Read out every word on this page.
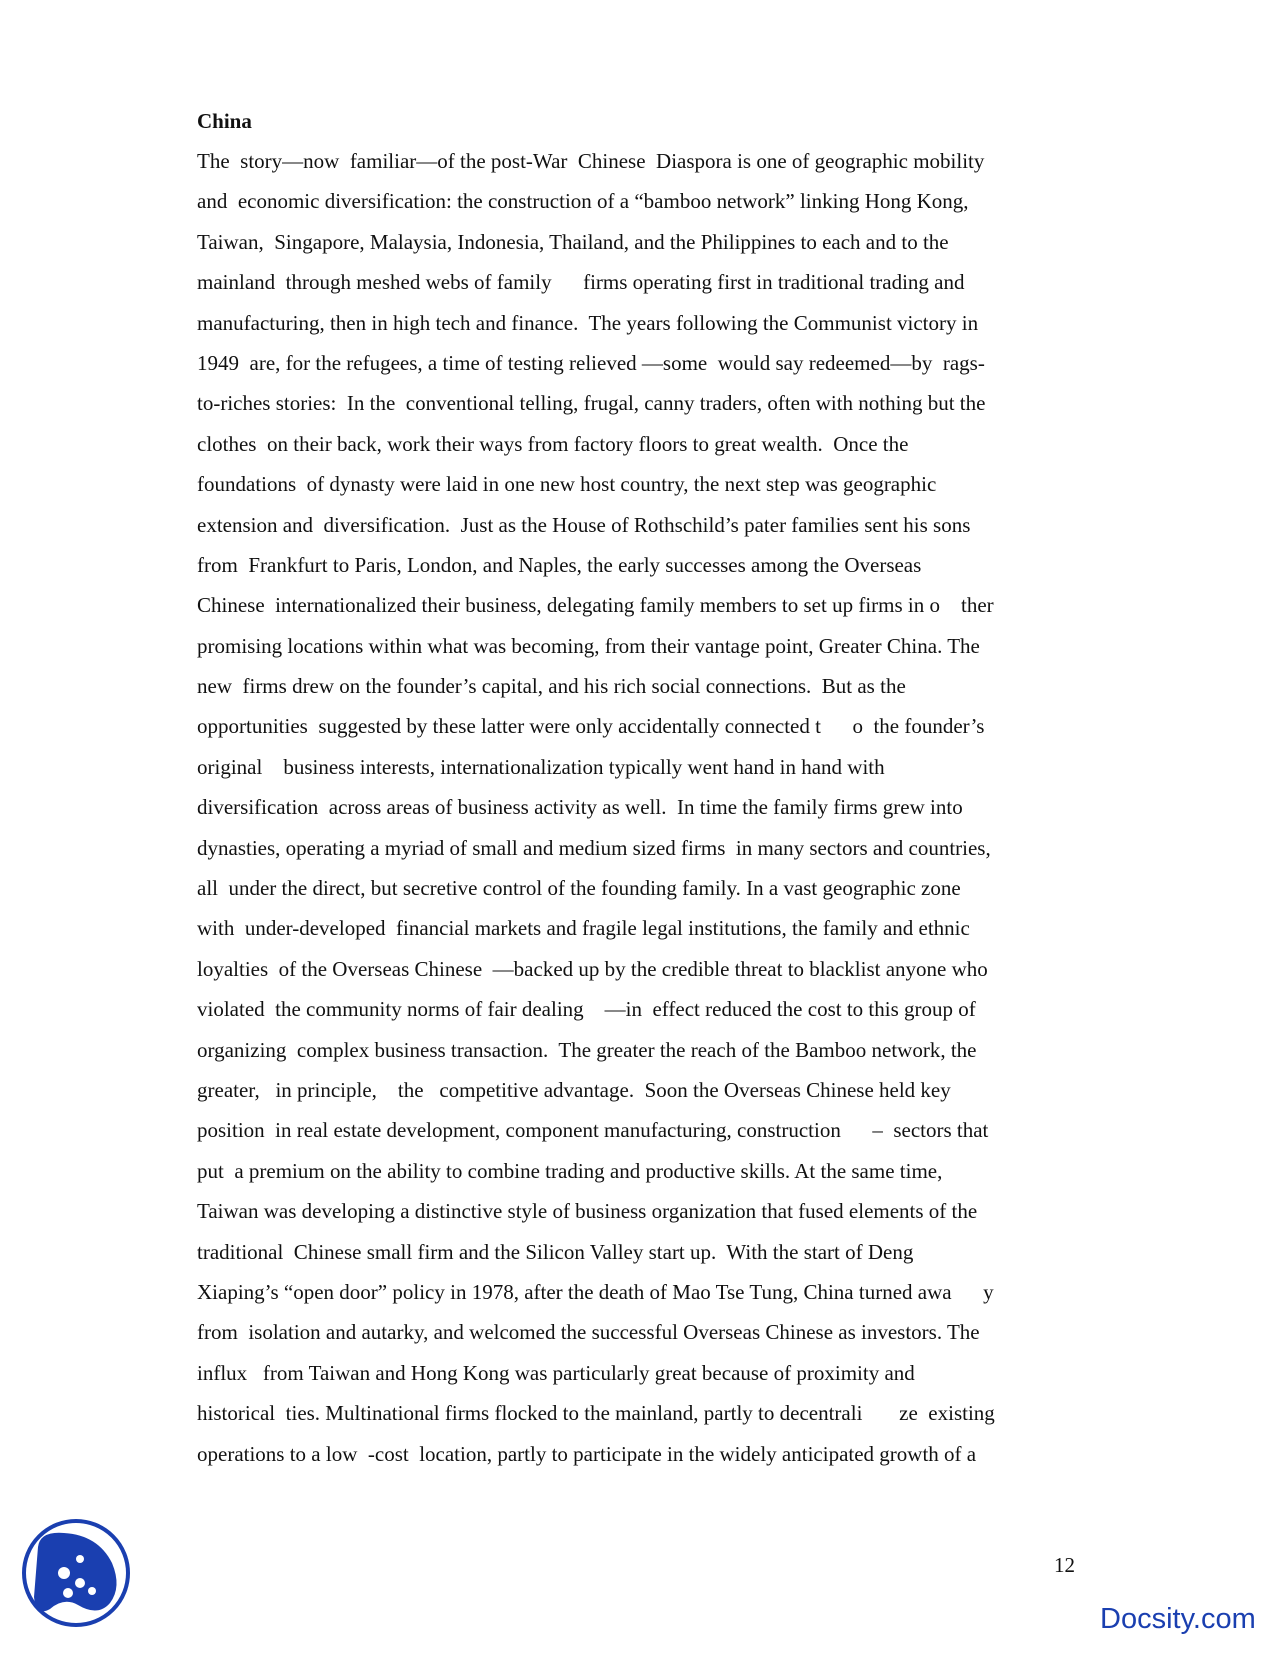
China
The  story—now  familiar—of the post-War  Chinese  Diaspora is one of geographic mobility
and  economic diversification: the construction of a “bamboo network” linking Hong Kong,
Taiwan,  Singapore, Malaysia, Indonesia, Thailand, and the Philippines to each and to the
mainland  through meshed webs of family      firms operating first in traditional trading and
manufacturing, then in high tech and finance.  The years following the Communist victory in
1949  are, for the refugees, a time of testing relieved —some  would say redeemed—by  rags-
to-riches stories:  In the  conventional telling, frugal, canny traders, often with nothing but the
clothes  on their back, work their ways from factory floors to great wealth.  Once the
foundations  of dynasty were laid in one new host country, the next step was geographic
extension and  diversification.  Just as the House of Rothschild’s pater families sent his sons
from  Frankfurt to Paris, London, and Naples, the early successes among the Overseas
Chinese  internationalized their business, delegating family members to set up firms in o    ther
promising locations within what was becoming, from their vantage point, Greater China. The
new  firms drew on the founder’s capital, and his rich social connections.  But as the
opportunities  suggested by these latter were only accidentally connected t      o  the founder’s
original    business interests, internationalization typically went hand in hand with
diversification  across areas of business activity as well.  In time the family firms grew into
dynasties, operating a myriad of small and medium sized firms  in many sectors and countries,
all  under the direct, but secretive control of the founding family. In a vast geographic zone
with  under-developed  financial markets and fragile legal institutions, the family and ethnic
loyalties  of the Overseas Chinese  —backed up by the credible threat to blacklist anyone who
violated  the community norms of fair dealing    —in  effect reduced the cost to this group of
organizing  complex business transaction.  The greater the reach of the Bamboo network, the
greater,   in principle,    the   competitive advantage.  Soon the Overseas Chinese held key
position  in real estate development, component manufacturing, construction      –  sectors that
put  a premium on the ability to combine trading and productive skills. At the same time,
Taiwan was developing a distinctive style of business organization that fused elements of the
traditional  Chinese small firm and the Silicon Valley start up.  With the start of Deng
Xiaping’s “open door” policy in 1978, after the death of Mao Tse Tung, China turned awa      y
from  isolation and autarky, and welcomed the successful Overseas Chinese as investors. The
influx   from Taiwan and Hong Kong was particularly great because of proximity and
historical  ties. Multinational firms flocked to the mainland, partly to decentrali       ze  existing
operations to a low  -cost  location, partly to participate in the widely anticipated growth of a
12
Docsity.com
